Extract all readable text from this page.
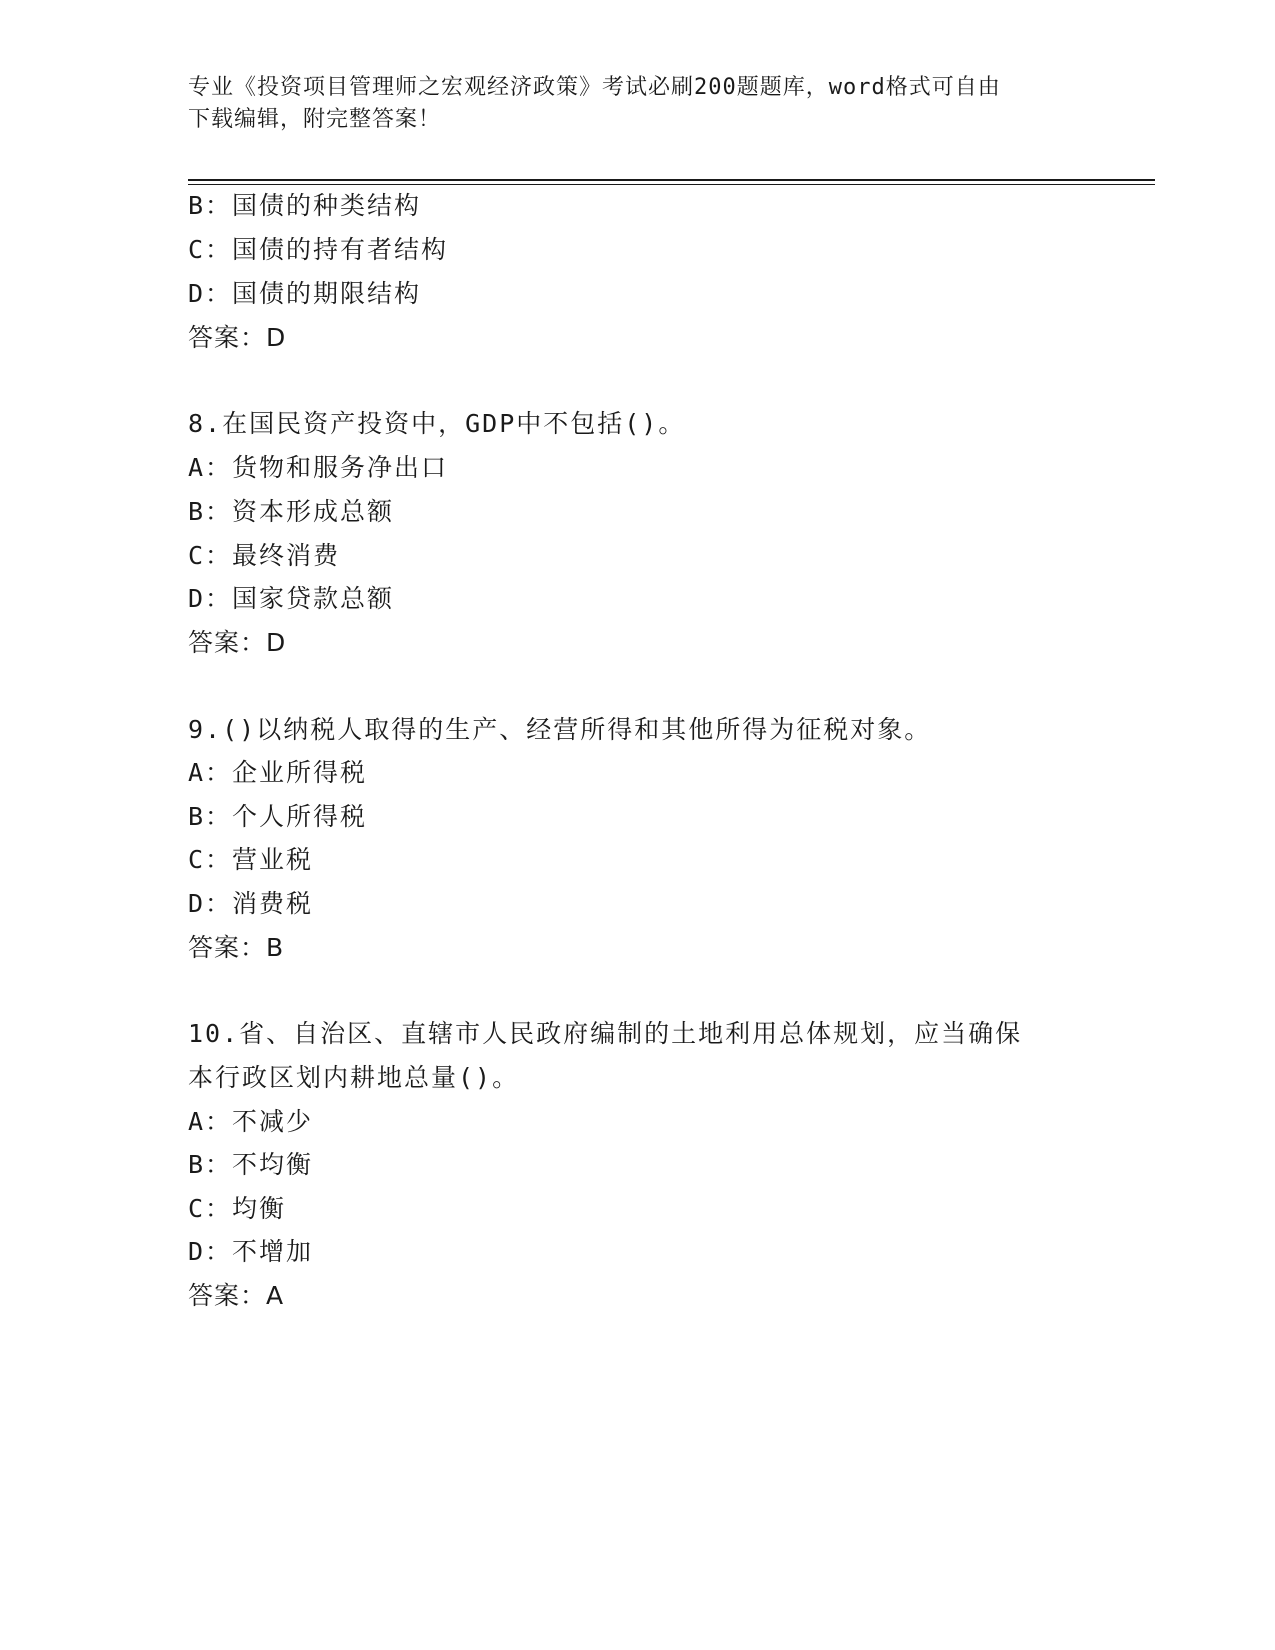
专业《投资项目管理师之宏观经济政策》考试必刷200题题库，word格式可自由
下载编辑，附完整答案！
B：国债的种类结构
C：国债的持有者结构
D：国债的期限结构
答案：D
8.在国民资产投资中，GDP中不包括()。
A：货物和服务净出口
B：资本形成总额
C：最终消费
D：国家贷款总额
答案：D
9.()以纳税人取得的生产、经营所得和其他所得为征税对象。
A：企业所得税
B：个人所得税
C：营业税
D：消费税
答案：B
10.省、自治区、直辖市人民政府编制的土地利用总体规划，应当确保
本行政区划内耕地总量()。
A：不减少
B：不均衡
C：均衡
D：不增加
答案：A
